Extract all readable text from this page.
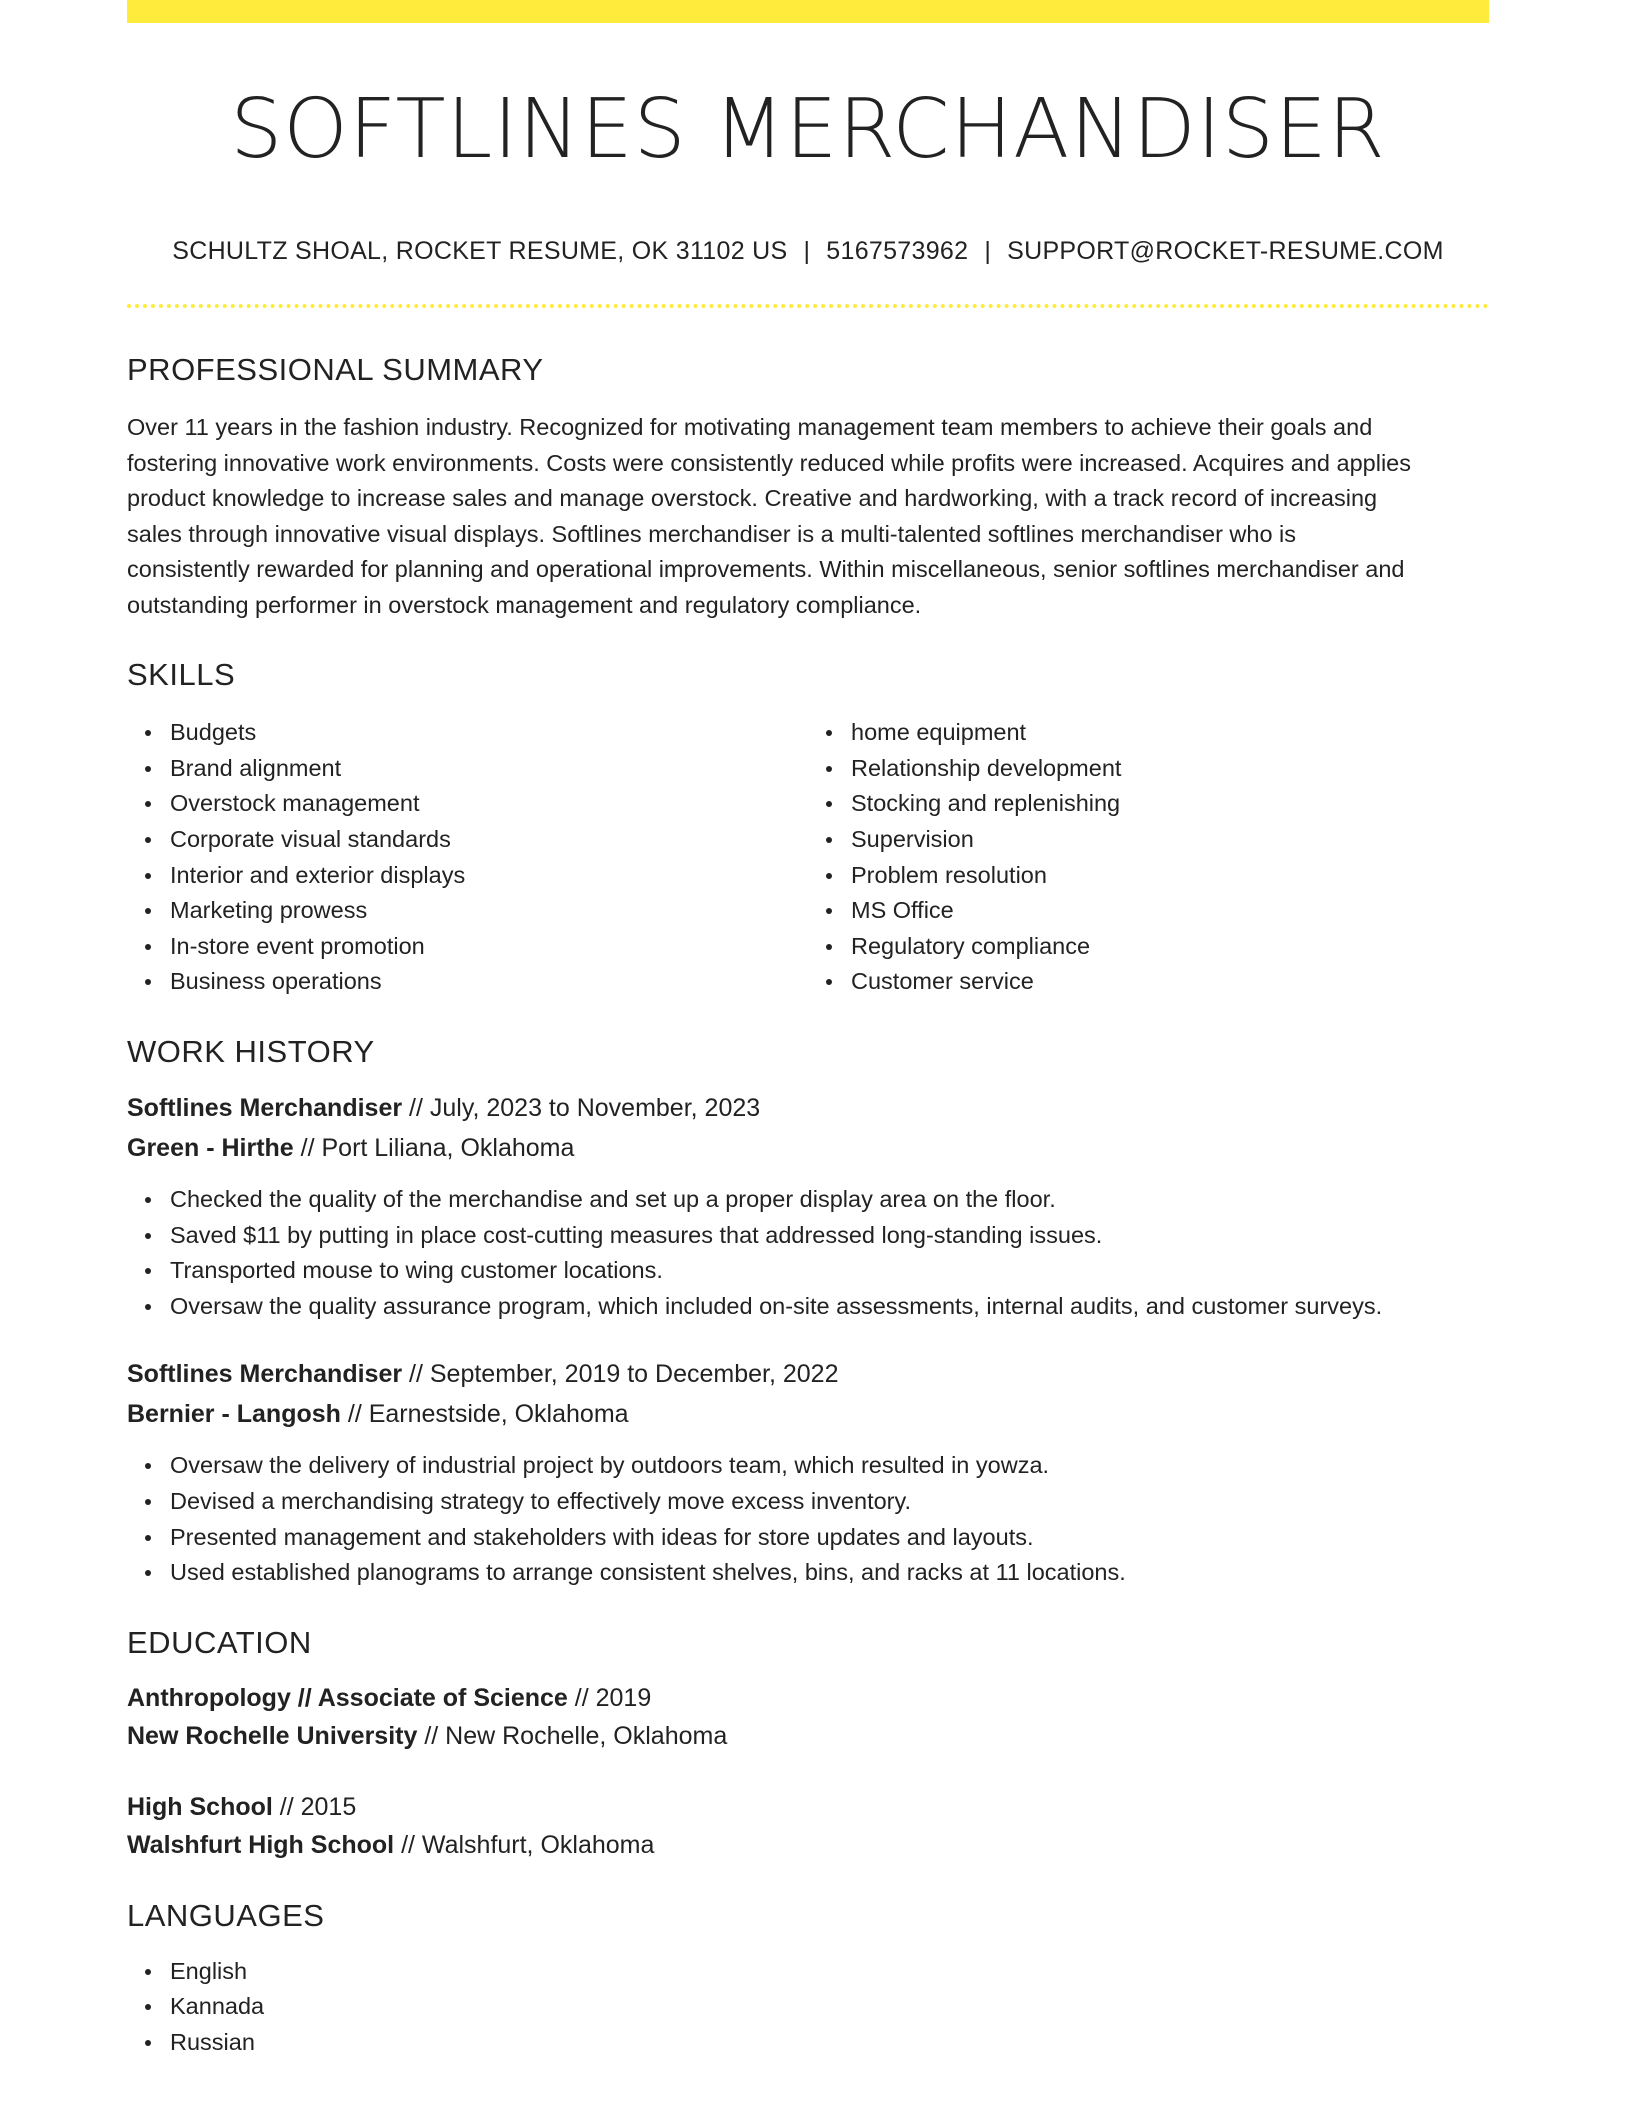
SOFTLINES MERCHANDISER
SCHULTZ SHOAL, ROCKET RESUME, OK 31102 US | 5167573962 | SUPPORT@ROCKET-RESUME.COM
PROFESSIONAL SUMMARY
Over 11 years in the fashion industry. Recognized for motivating management team members to achieve their goals and
fostering innovative work environments. Costs were consistently reduced while profits were increased. Acquires and applies
product knowledge to increase sales and manage overstock. Creative and hardworking, with a track record of increasing
sales through innovative visual displays. Softlines merchandiser is a multi-talented softlines merchandiser who is
consistently rewarded for planning and operational improvements. Within miscellaneous, senior softlines merchandiser and
outstanding performer in overstock management and regulatory compliance.
SKILLS
Budgets
Brand alignment
Overstock management
Corporate visual standards
Interior and exterior displays
Marketing prowess
In-store event promotion
Business operations
home equipment
Relationship development
Stocking and replenishing
Supervision
Problem resolution
MS Office
Regulatory compliance
Customer service
WORK HISTORY
Softlines Merchandiser // July, 2023 to November, 2023
Green - Hirthe // Port Liliana, Oklahoma
Checked the quality of the merchandise and set up a proper display area on the floor.
Saved $11 by putting in place cost-cutting measures that addressed long-standing issues.
Transported mouse to wing customer locations.
Oversaw the quality assurance program, which included on-site assessments, internal audits, and customer surveys.
Softlines Merchandiser // September, 2019 to December, 2022
Bernier - Langosh // Earnestside, Oklahoma
Oversaw the delivery of industrial project by outdoors team, which resulted in yowza.
Devised a merchandising strategy to effectively move excess inventory.
Presented management and stakeholders with ideas for store updates and layouts.
Used established planograms to arrange consistent shelves, bins, and racks at 11 locations.
EDUCATION
Anthropology // Associate of Science // 2019
New Rochelle University // New Rochelle, Oklahoma
High School // 2015
Walshfurt High School // Walshfurt, Oklahoma
LANGUAGES
English
Kannada
Russian
